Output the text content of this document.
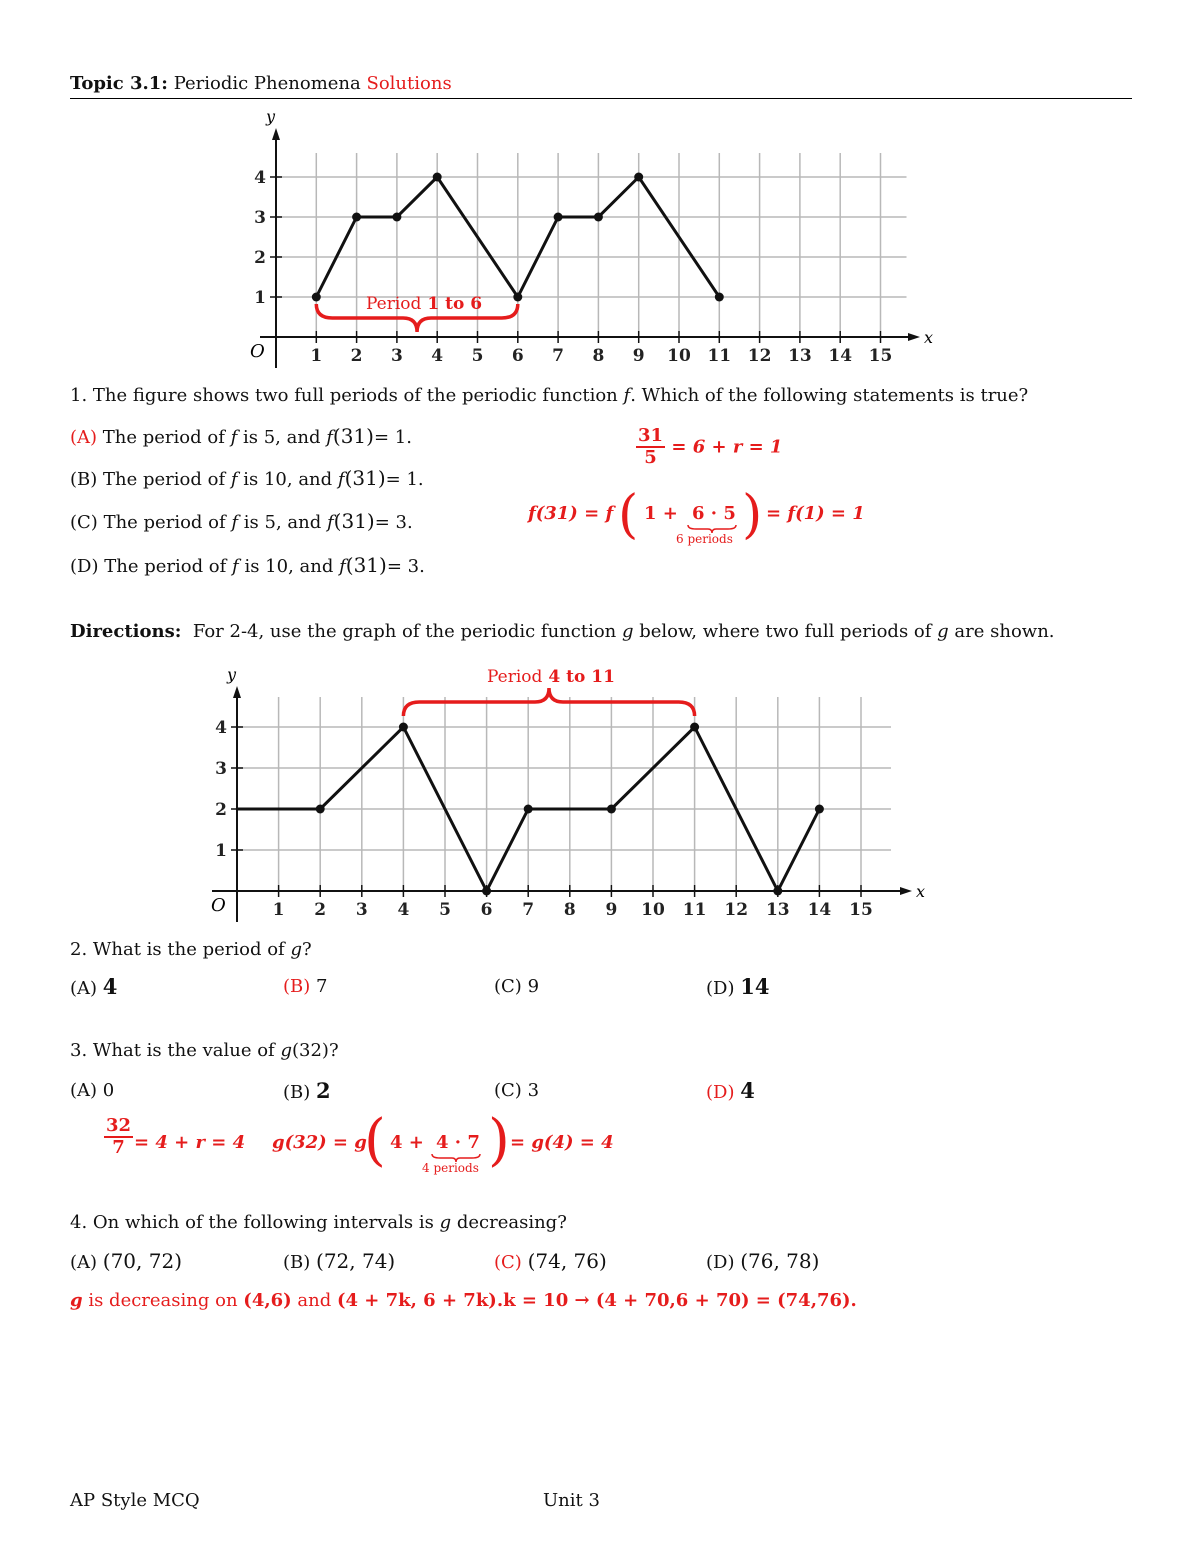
Topic 3.1: Periodic Phenomena Solutions
1 2 3 4 5 6 7 8 9 10 11 12 13 14 15
1
2
3
4
x
y
O
Period 1 to 6
1. The figure shows two full periods of the periodic function f. Which of the following statements is true?
(A) The period of f is 5, and f(31)= 1.
(B) The period of f is 10, and f(31)= 1.
(C) The period of f is 5, and f(31)= 3.
(D) The period of f is 10, and f(31)= 3.
$\frac{31}{5} = 6 + r = 1$
f(31) = f ( 1 + 6 · 5
6 periods ) = f(1) = 1
Directions: For 2-4, use the graph of the periodic function g below, where two full periods of g are shown.
1 2 3 4 5 6 7 8 9 10 11 12 13 14 15
1
2
3
4
x
y
O
Period 4 to 11
2. What is the period of g?
(A) 4	(B) 7	(C) 9	(D) 14
3. What is the value of g(32)?
(A) 0	(B) 2	(C) 3	(D) 4
$\frac{32}{7} = 4 + r = 4$ g(32) = g
( 4 + 4 · 7
4 periods ) = g(4) = 4
4. On which of the following intervals is g decreasing?
(A) (70, 72)	(B) (72, 74)	(C) (74, 76)	(D) (76, 78)
g is decreasing on (4,6) and (4 + 7k, 6 + 7k).k = 10 → (4 + 70,6 + 70) = (74,76).
AP Style MCQ	Unit 3
